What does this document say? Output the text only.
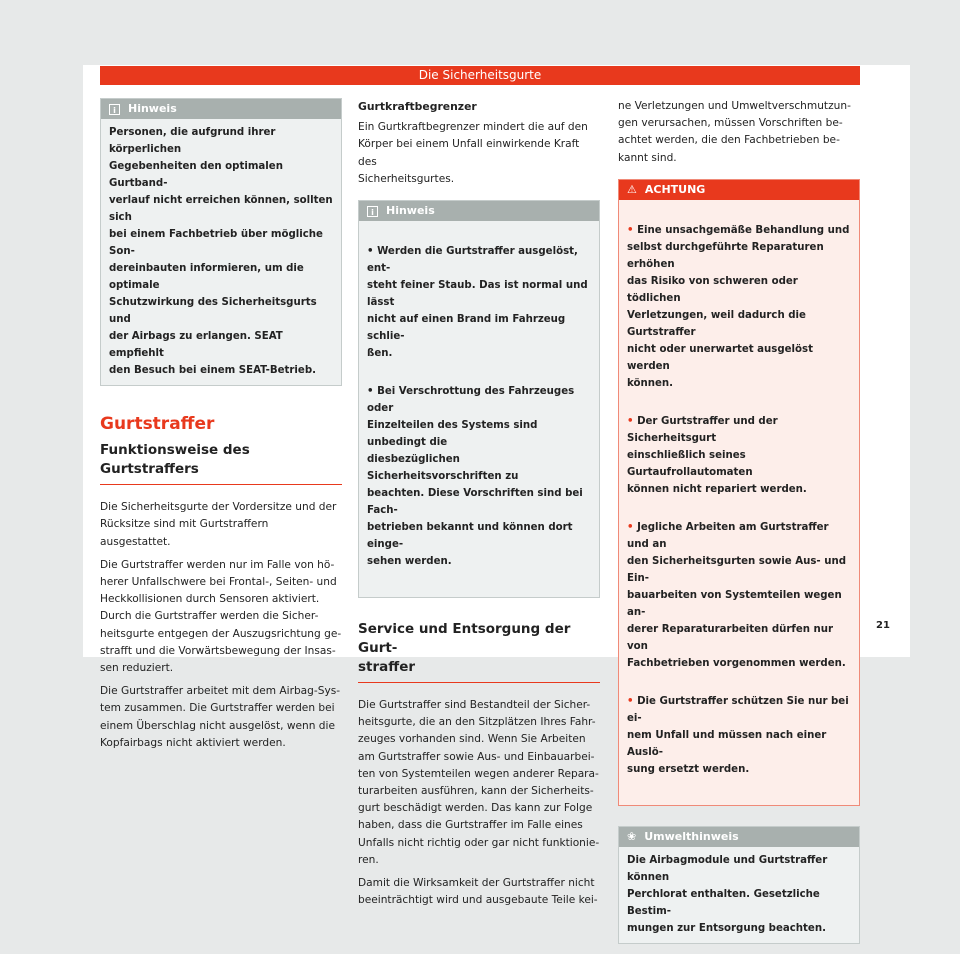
Die Sicherheitsgurte
i	Hinweis
Personen, die aufgrund ihrer körperlichen
Gegebenheiten den optimalen Gurtband-
verlauf nicht erreichen können, sollten sich
bei einem Fachbetrieb über mögliche Son-
dereinbauten informieren, um die optimale
Schutzwirkung des Sicherheitsgurts und
der Airbags zu erlangen. SEAT empfiehlt
den Besuch bei einem SEAT-Betrieb.
Gurtstraffer
Funktionsweise des Gurtstraffers

Die Sicherheitsgurte der Vordersitze und der
Rücksitze sind mit Gurtstraffern ausgestattet.

Die Gurtstraffer werden nur im Falle von hö-
herer Unfallschwere bei Frontal-, Seiten- und
Heckkollisionen durch Sensoren aktiviert.
Durch die Gurtstraffer werden die Sicher-
heitsgurte entgegen der Auszugsrichtung ge-
strafft und die Vorwärtsbewegung der Insas-
sen reduziert.

Die Gurtstraffer arbeitet mit dem Airbag-Sys-
tem zusammen. Die Gurtstraffer werden bei
einem Überschlag nicht ausgelöst, wenn die
Kopfairbags nicht aktiviert werden.

Gurtkraftbegrenzer

Ein Gurtkraftbegrenzer mindert die auf den
Körper bei einem Unfall einwirkende Kraft des
Sicherheitsgurtes.

i	Hinweis

• Werden die Gurtstraffer ausgelöst, ent-
steht feiner Staub. Das ist normal und lässt
nicht auf einen Brand im Fahrzeug schlie-
ßen.

• Bei Verschrottung des Fahrzeuges oder
Einzelteilen des Systems sind unbedingt die
diesbezüglichen Sicherheitsvorschriften zu
beachten. Diese Vorschriften sind bei Fach-
betrieben bekannt und können dort einge-
sehen werden.

Service und Entsorgung der Gurt-
straffer

Die Gurtstraffer sind Bestandteil der Sicher-
heitsgurte, die an den Sitzplätzen Ihres Fahr-
zeuges vorhanden sind. Wenn Sie Arbeiten
am Gurtstraffer sowie Aus- und Einbauarbei-
ten von Systemteilen wegen anderer Repara-
turarbeiten ausführen, kann der Sicherheits-
gurt beschädigt werden. Das kann zur Folge
haben, dass die Gurtstraffer im Falle eines
Unfalls nicht richtig oder gar nicht funktionie-
ren.

Damit die Wirksamkeit der Gurtstraffer nicht
beeinträchtigt wird und ausgebaute Teile kei-

ne Verletzungen und Umweltverschmutzun-
gen verursachen, müssen Vorschriften be-
achtet werden, die den Fachbetrieben be-
kannt sind.

⚠ ACHTUNG

• Eine unsachgemäße Behandlung und
selbst durchgeführte Reparaturen erhöhen
das Risiko von schweren oder tödlichen
Verletzungen, weil dadurch die Gurtstraffer
nicht oder unerwartet ausgelöst werden
können.

• Der Gurtstraffer und der Sicherheitsgurt
einschließlich seines Gurtaufrollautomaten
können nicht repariert werden.

• Jegliche Arbeiten am Gurtstraffer und an
den Sicherheitsgurten sowie Aus- und Ein-
bauarbeiten von Systemteilen wegen an-
derer Reparaturarbeiten dürfen nur von
Fachbetrieben vorgenommen werden.

• Die Gurtstraffer schützen Sie nur bei ei-
nem Unfall und müssen nach einer Auslö-
sung ersetzt werden.

❀ Umwelthinweis
Die Airbagmodule und Gurtstraffer können
Perchlorat enthalten. Gesetzliche Bestim-
mungen zur Entsorgung beachten.
21
